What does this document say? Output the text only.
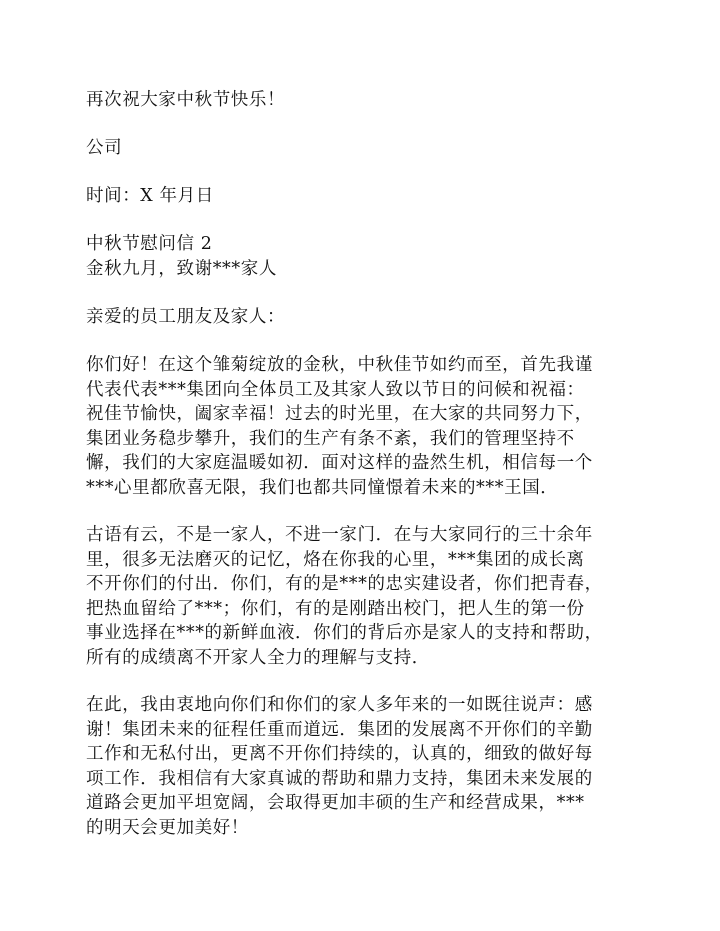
再次祝大家中秋节快乐！
公司
时间：X 年月日
中秋节慰问信 2
金秋九月，致谢***家人
亲爱的员工朋友及家人：
你们好！在这个雏菊绽放的金秋，中秋佳节如约而至，首先我谨
代表代表***集团向全体员工及其家人致以节日的问候和祝福：
祝佳节愉快，阖家幸福！过去的时光里，在大家的共同努力下，
集团业务稳步攀升，我们的生产有条不紊，我们的管理坚持不
懈，我们的大家庭温暖如初．面对这样的盎然生机，相信每一个
***心里都欣喜无限，我们也都共同憧憬着未来的***王国．
古语有云，不是一家人，不进一家门．在与大家同行的三十余年
里，很多无法磨灭的记忆，烙在你我的心里，***集团的成长离
不开你们的付出．你们，有的是***的忠实建设者，你们把青春，
把热血留给了***；你们，有的是刚踏出校门，把人生的第一份
事业选择在***的新鲜血液．你们的背后亦是家人的支持和帮助，
所有的成绩离不开家人全力的理解与支持．
在此，我由衷地向你们和你们的家人多年来的一如既往说声：感
谢！集团未来的征程任重而道远．集团的发展离不开你们的辛勤
工作和无私付出，更离不开你们持续的，认真的，细致的做好每
项工作．我相信有大家真诚的帮助和鼎力支持，集团未来发展的
道路会更加平坦宽阔，会取得更加丰硕的生产和经营成果，***
的明天会更加美好！
